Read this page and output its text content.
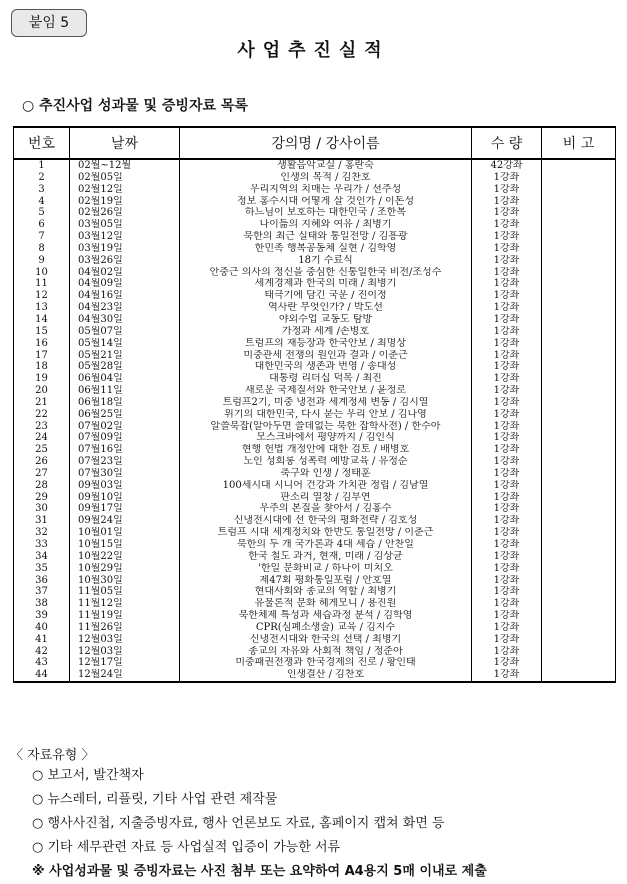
붙임 5
사업추진실적
○ 추진사업 성과물 및 증빙자료 목록
번호	날짜	강의명 / 강사이름	수 량	비 고
1	02월~12월	생활음악교실 / 홍란숙	42강좌	
2	02월05일	인생의 목적 / 김찬호	1강좌	
3	02월12일	우리지역의 치매는 우리가 / 선주성	1강좌	
4	02월19일	정보 홍수시대 어떻게 살 것인가 / 이돈성	1강좌	
5	02월26일	하느님이 보호하는 대한민국 / 조한복	1강좌	
6	03월05일	나이듦의 지혜와 여유 / 최병기	1강좌	
7	03월12일	북한의 최근 실태와 통일전망 / 김흥광	1강좌	
8	03월19일	한민족 행복공동체 실현 / 김학영	1강좌	
9	03월26일	18기 수료식	1강좌	
10	04월02일	안중근 의사의 정신을 중심한 신통일한국 비전/조성수	1강좌	
11	04월09일	세계경제과 한국의 미래 / 최병기	1강좌	
12	04월16일	태극기에 담긴 국운 / 진이정	1강좌	
13	04월23일	역사란 무엇인가? / 박도선	1강좌	
14	04월30일	야외수업 교동도 탐방	1강좌	
15	05월07일	가정과 세계 /손병호	1강좌	
16	05월14일	트럼프의 재등장과 한국안보 / 최명상	1강좌	
17	05월21일	미중관세 전쟁의 원인과 결과 / 이춘근	1강좌	
18	05월28일	대한민국의 생존과 번영 / 송대성	1강좌	
19	06월04일	대통령 리더십 덕목 / 최진	1강좌	
20	06월11일	새로운 국제질서와 한국안보 / 윤정로	1강좌	
21	06월18일	트럼프2기, 미중 냉전과 세계정세 변동 / 김시열	1강좌	
22	06월25일	위기의 대한민국, 다시 묻는 우리 안보 / 김나영	1강좌	
23	07월02일	알쓸북잡(알아두면 쓸데없는 북한 잡학사전) / 한수아	1강좌	
24	07월09일	모스크바에서 평양까지 / 김인식	1강좌	
25	07월16일	현행 헌법 개정안에 대한 검토 / 배병호	1강좌	
26	07월23일	노인 성희롱 성폭력 예방교육 / 유정순	1강좌	
27	07월30일	축구와 인생 / 정태훈	1강좌	
28	09월03일	100세시대 시니어 건강과 가치관 정립 / 김남열	1강좌	
29	09월10일	판소리 열창 / 김부연	1강좌	
30	09월17일	우주의 본질을 찾아서 / 김홍수	1강좌	
31	09월24일	신냉전시대에 선 한국의 평화전략 / 김호성	1강좌	
32	10월01일	트럼프 시대 세계정치와 한반도 통일전망 / 이춘근	1강좌	
33	10월15일	북한의 두 개 국가론과 4대 세습 / 안찬일	1강좌	
34	10월22일	한국 철도 과거, 현재, 미래 / 김상균	1강좌	
35	10월29일	'한일 문화비교 / 하나이 미치오	1강좌	
36	10월30일	제47회 평화통일포럼 / 안호열	1강좌	
37	11월05일	현대사회와 종교의 역할 / 최병기	1강좌	
38	11월12일	유물론적 문화 헤게모니 / 용진원	1강좌	
39	11월19일	북한체제 특성과 세습과정 분석 / 김학영	1강좌	
40	11월26일	CPR(심폐소생술) 교육 / 김지수	1강좌	
41	12월03일	신냉전시대와 한국의 선택 / 최병기	1강좌	
42	12월03일	종교의 자유와 사회적 책임 / 정준아	1강좌	
43	12월17일	미중패권전쟁과 한국경제의 진로 / 황인태	1강좌	
44	12월24일	인생결산 / 김찬호	1강좌	
〈 자료유형 〉
○ 보고서, 발간책자
○ 뉴스레터, 리플릿, 기타 사업 관련 제작물
○ 행사사진첩, 지출증빙자료, 행사 언론보도 자료, 홈페이지 캡쳐 화면 등
○ 기타 세무관련 자료 등 사업실적 입증이 가능한 서류
※ 사업성과물 및 증빙자료는 사진 첨부 또는 요약하여 A4용지 5매 이내로 제출
